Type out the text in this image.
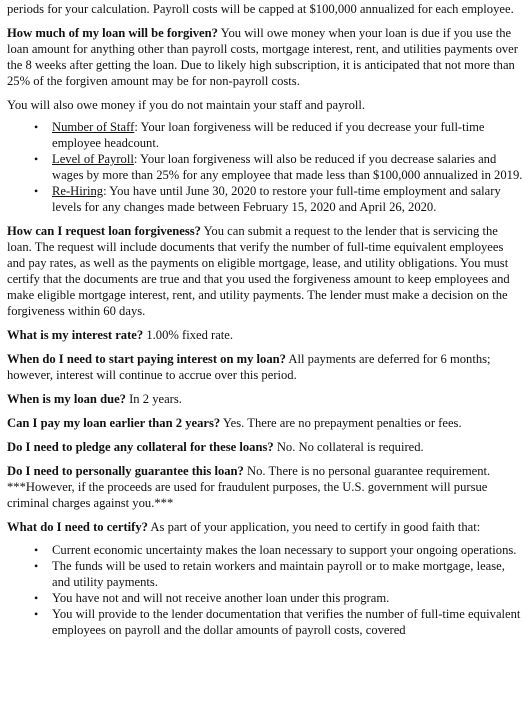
periods for your calculation. Payroll costs will be capped at $100,000 annualized for each employee.

How much of my loan will be forgiven? You will owe money when your loan is due if you use the loan amount for anything other than payroll costs, mortgage interest, rent, and utilities payments over the 8 weeks after getting the loan. Due to likely high subscription, it is anticipated that not more than 25% of the forgiven amount may be for non-payroll costs.

You will also owe money if you do not maintain your staff and payroll.

• Number of Staff: Your loan forgiveness will be reduced if you decrease your full-time employee headcount.
• Level of Payroll: Your loan forgiveness will also be reduced if you decrease salaries and wages by more than 25% for any employee that made less than $100,000 annualized in 2019.
• Re-Hiring: You have until June 30, 2020 to restore your full-time employment and salary levels for any changes made between February 15, 2020 and April 26, 2020.

How can I request loan forgiveness? You can submit a request to the lender that is servicing the loan. The request will include documents that verify the number of full-time equivalent employees and pay rates, as well as the payments on eligible mortgage, lease, and utility obligations. You must certify that the documents are true and that you used the forgiveness amount to keep employees and make eligible mortgage interest, rent, and utility payments. The lender must make a decision on the forgiveness within 60 days.

What is my interest rate? 1.00% fixed rate.

When do I need to start paying interest on my loan? All payments are deferred for 6 months; however, interest will continue to accrue over this period.

When is my loan due? In 2 years.

Can I pay my loan earlier than 2 years? Yes. There are no prepayment penalties or fees.

Do I need to pledge any collateral for these loans? No. No collateral is required.

Do I need to personally guarantee this loan? No. There is no personal guarantee requirement. ***However, if the proceeds are used for fraudulent purposes, the U.S. government will pursue criminal charges against you.***

What do I need to certify? As part of your application, you need to certify in good faith that:

• Current economic uncertainty makes the loan necessary to support your ongoing operations.
• The funds will be used to retain workers and maintain payroll or to make mortgage, lease, and utility payments.
• You have not and will not receive another loan under this program.
• You will provide to the lender documentation that verifies the number of full-time equivalent employees on payroll and the dollar amounts of payroll costs, covered
